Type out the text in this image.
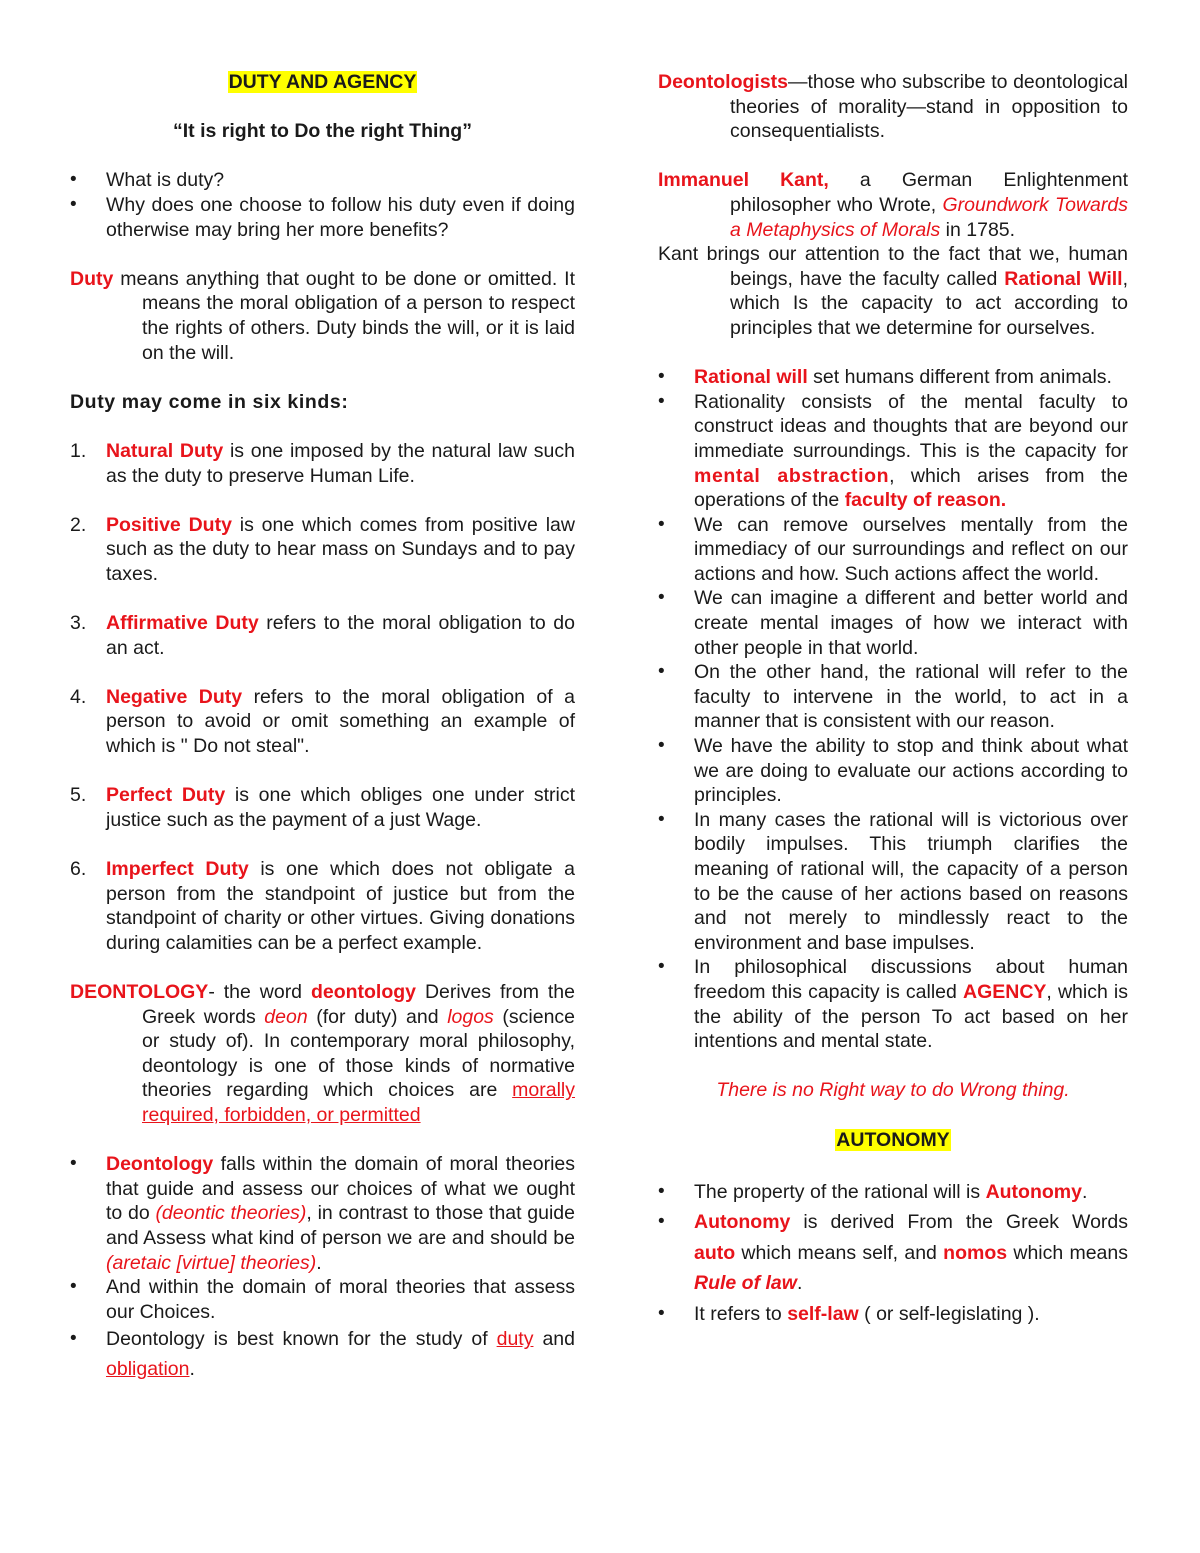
DUTY AND AGENCY

“It is right to Do the right Thing”

• What is duty?
• Why does one choose to follow his duty even if doing otherwise may bring her more benefits?

Duty means anything that ought to be done or omitted. It means the moral obligation of a person to respect the rights of others. Duty binds the will, or it is laid on the will.

Duty may come in six kinds:

1. Natural Duty is one imposed by the natural law such as the duty to preserve Human Life.
2. Positive Duty is one which comes from positive law such as the duty to hear mass on Sundays and to pay taxes.
3. Affirmative Duty refers to the moral obligation to do an act.
4. Negative Duty refers to the moral obligation of a person to avoid or omit something an example of which is " Do not steal".
5. Perfect Duty is one which obliges one under strict justice such as the payment of a just Wage.
6. Imperfect Duty is one which does not obligate a person from the standpoint of justice but from the standpoint of charity or other virtues. Giving donations during calamities can be a perfect example.

DEONTOLOGY- the word deontology Derives from the Greek words deon (for duty) and logos (science or study of). In contemporary moral philosophy, deontology is one of those kinds of normative theories regarding which choices are morally required, forbidden, or permitted

• Deontology falls within the domain of moral theories that guide and assess our choices of what we ought to do (deontic theories), in contrast to those that guide and Assess what kind of person we are and should be (aretaic [virtue] theories).
• And within the domain of moral theories that assess our Choices.
• Deontology is best known for the study of duty and obligation.

Deontologists—those who subscribe to deontological theories of morality—stand in opposition to consequentialists.

Immanuel Kant, a German Enlightenment philosopher who Wrote, Groundwork Towards a Metaphysics of Morals in 1785.

Kant brings our attention to the fact that we, human beings, have the faculty called Rational Will, which Is the capacity to act according to principles that we determine for ourselves.

• Rational will set humans different from animals.
• Rationality consists of the mental faculty to construct ideas and thoughts that are beyond our immediate surroundings. This is the capacity for mental abstraction, which arises from the operations of the faculty of reason.
• We can remove ourselves mentally from the immediacy of our surroundings and reflect on our actions and how. Such actions affect the world.
• We can imagine a different and better world and create mental images of how we interact with other people in that world.
• On the other hand, the rational will refer to the faculty to intervene in the world, to act in a manner that is consistent with our reason.
• We have the ability to stop and think about what we are doing to evaluate our actions according to principles.
• In many cases the rational will is victorious over bodily impulses. This triumph clarifies the meaning of rational will, the capacity of a person to be the cause of her actions based on reasons and not merely to mindlessly react to the environment and base impulses.
• In philosophical discussions about human freedom this capacity is called AGENCY, which is the ability of the person To act based on her intentions and mental state.

There is no Right way to do Wrong thing.

AUTONOMY

• The property of the rational will is Autonomy.
• Autonomy is derived From the Greek Words auto which means self, and nomos which means Rule of law.
• It refers to self-law ( or self-legislating ).
